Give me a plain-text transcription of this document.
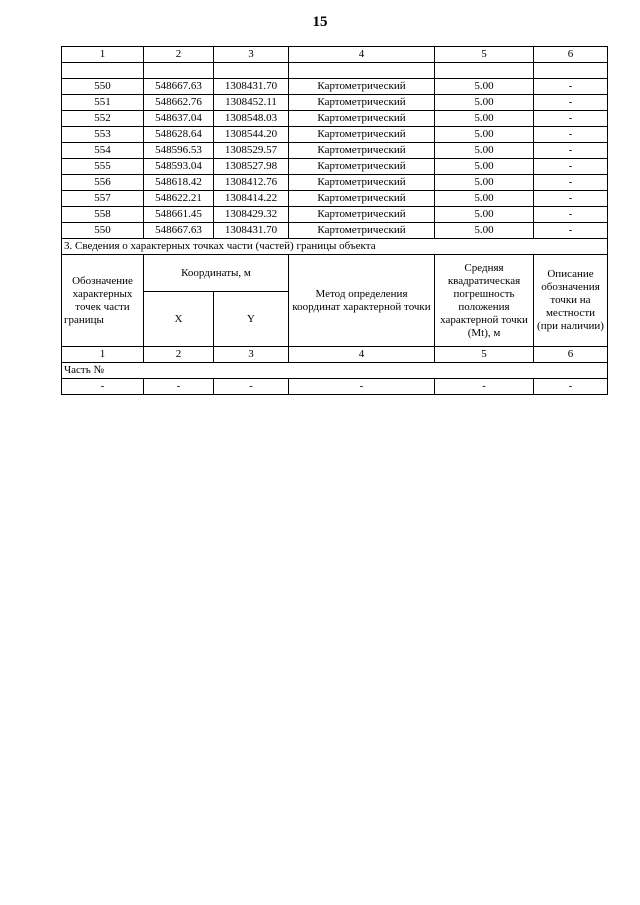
15
1	2	3	4	5	6

550	548667.63	1308431.70	Картометрический	5.00	-
551	548662.76	1308452.11	Картометрический	5.00	-
552	548637.04	1308548.03	Картометрический	5.00	-
553	548628.64	1308544.20	Картометрический	5.00	-
554	548596.53	1308529.57	Картометрический	5.00	-
555	548593.04	1308527.98	Картометрический	5.00	-
556	548618.42	1308412.76	Картометрический	5.00	-
557	548622.21	1308414.22	Картометрический	5.00	-
558	548661.45	1308429.32	Картометрический	5.00	-
550	548667.63	1308431.70	Картометрический	5.00	-
3. Сведения о характерных точках части (частей) границы объекта					
Обозначение характерных точек части границы	Координаты, м		Метод определения координат характерной точки	Средняя квадратическая погрешность положения характерной точки (Mt), м	Описание обозначения точки на местности (при наличии)
	X	Y			
1	2	3	4	5	6
Часть №					
-	-	-	-	-	-
